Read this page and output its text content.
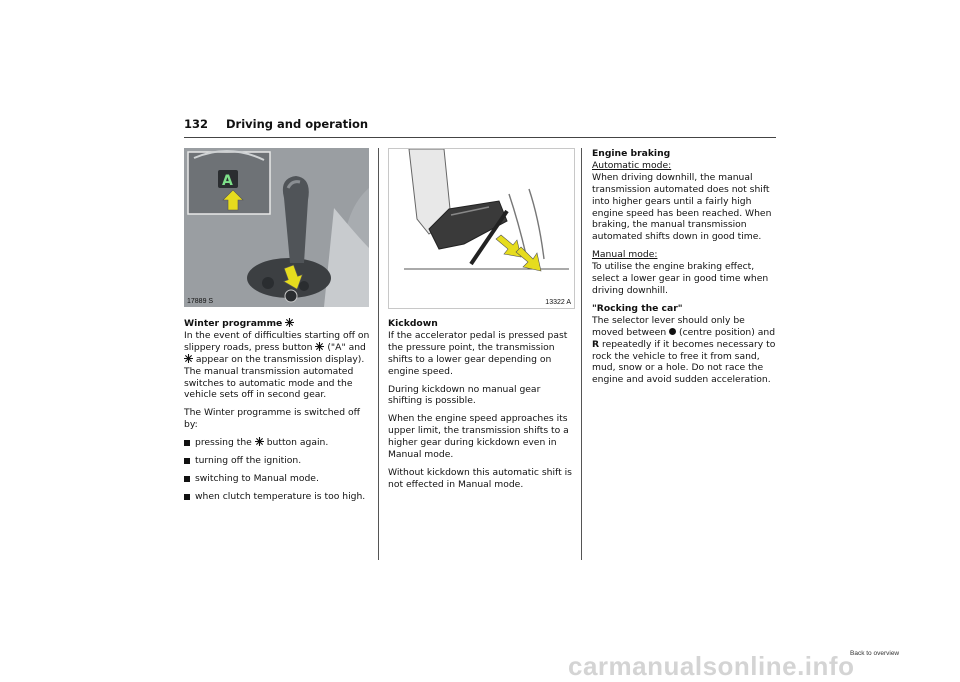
132 Driving and operation
A
17889 S	13322 A
Winter programme

In the event of difficulties starting off on slippery roads, press button ("A" and  appear on the transmission display). The manual transmission automated switches to automatic mode and the vehicle sets off in second gear.

The Winter programme is switched off by:

pressing the button again.
turning off the ignition.
switching to Manual mode.
when clutch temperature is too high.
Kickdown

If the accelerator pedal is pressed past the pressure point, the transmission shifts to a lower gear depending on engine speed.

During kickdown no manual gear shifting is possible.

When the engine speed approaches its upper limit, the transmission shifts to a higher gear during kickdown even in Manual mode.

Without kickdown this automatic shift is not effected in Manual mode.

Engine braking
Automatic mode:

When driving downhill, the manual transmission automated does not shift into higher gears until a fairly high engine speed has been reached. When braking, the manual transmission automated shifts down in good time.

Manual mode:

To utilise the engine braking effect, select a lower gear in good time when driving downhill.

"Rocking the car"

The selector lever should only be moved between (centre position) and R repeatedly if it becomes necessary to rock the vehicle to free it from sand, mud, snow or a hole. Do not race the engine and avoid sudden acceleration.

carmanualsonline.info
Back to overview
